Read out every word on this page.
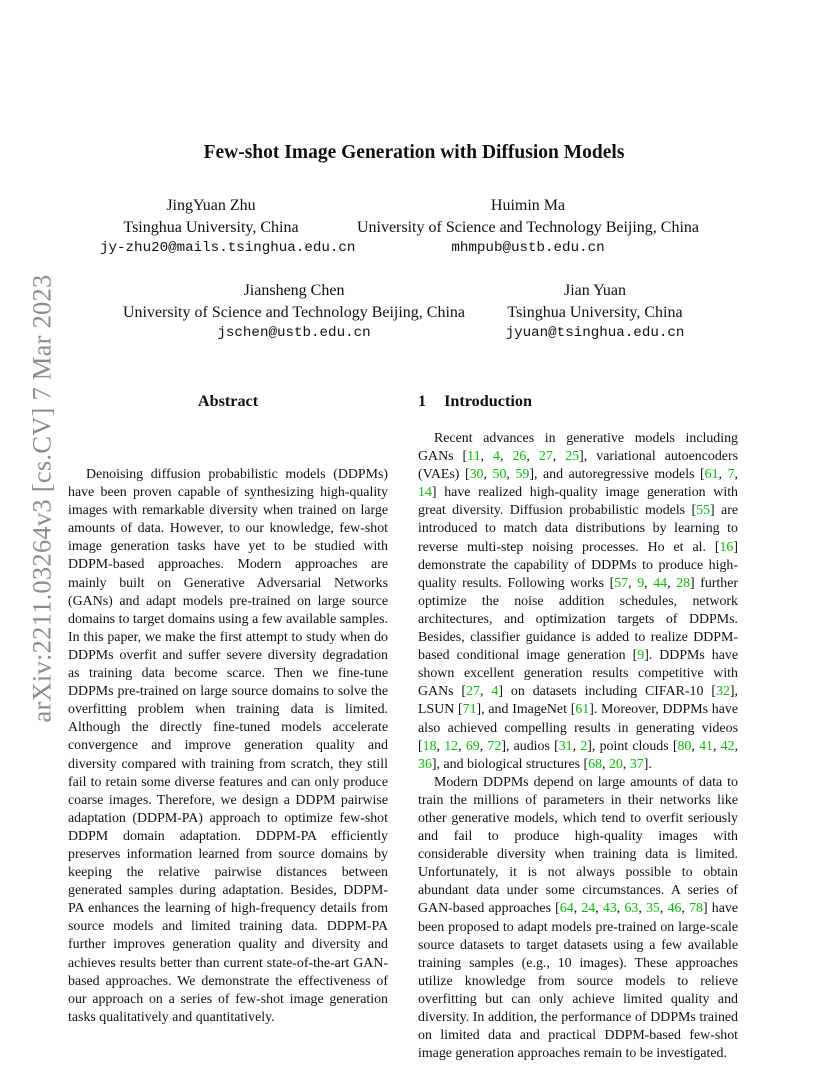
arXiv:2211.03264v3 [cs.CV] 7 Mar 2023
Few-shot Image Generation with Diffusion Models
JingYuan Zhu
Tsinghua University, China
jy-zhu20@mails.tsinghua.edu.cn
Huimin Ma
University of Science and Technology Beijing, China
mhmpub@ustb.edu.cn
Jiansheng Chen
University of Science and Technology Beijing, China
jschen@ustb.edu.cn
Jian Yuan
Tsinghua University, China
jyuan@tsinghua.edu.cn
Abstract

Denoising diffusion probabilistic models (DDPMs) have been proven capable of synthesizing high-quality images with remarkable diversity when trained on large amounts of data. However, to our knowledge, few-shot image generation tasks have yet to be studied with DDPM-based approaches. Modern approaches are mainly built on Generative Adversarial Networks (GANs) and adapt models pre-trained on large source domains to target domains using a few available samples. In this paper, we make the first attempt to study when do DDPMs overfit and suffer severe diversity degradation as training data become scarce. Then we fine-tune DDPMs pre-trained on large source domains to solve the overfitting problem when training data is limited. Although the directly fine-tuned models accelerate convergence and improve generation quality and diversity compared with training from scratch, they still fail to retain some diverse features and can only produce coarse images. Therefore, we design a DDPM pairwise adaptation (DDPM-PA) approach to optimize few-shot DDPM domain adaptation. DDPM-PA efficiently preserves information learned from source domains by keeping the relative pairwise distances between generated samples during adaptation. Besides, DDPM-PA enhances the learning of high-frequency details from source models and limited training data. DDPM-PA further improves generation quality and diversity and achieves results better than current state-of-the-art GAN-based approaches. We demonstrate the effectiveness of our approach on a series of few-shot image generation tasks qualitatively and quantitatively.

1 Introduction

Recent advances in generative models including GANs [11, 4, 26, 27, 25], variational autoencoders (VAEs) [30, 50, 59], and autoregressive models [61, 7, 14] have realized high-quality image generation with great diversity. Diffusion probabilistic models [55] are introduced to match data distributions by learning to reverse multi-step noising processes. Ho et al. [16] demonstrate the capability of DDPMs to produce high-quality results. Following works [57, 9, 44, 28] further optimize the noise addition schedules, network architectures, and optimization targets of DDPMs. Besides, classifier guidance is added to realize DDPM-based conditional image generation [9]. DDPMs have shown excellent generation results competitive with GANs [27, 4] on datasets including CIFAR-10 [32], LSUN [71], and ImageNet [61]. Moreover, DDPMs have also achieved compelling results in generating videos [18, 12, 69, 72], audios [31, 2], point clouds [80, 41, 42, 36], and biological structures [68, 20, 37].

Modern DDPMs depend on large amounts of data to train the millions of parameters in their networks like other generative models, which tend to overfit seriously and fail to produce high-quality images with considerable diversity when training data is limited. Unfortunately, it is not always possible to obtain abundant data under some circumstances. A series of GAN-based approaches [64, 24, 43, 63, 35, 46, 78] have been proposed to adapt models pre-trained on large-scale source datasets to target datasets using a few available training samples (e.g., 10 images). These approaches utilize knowledge from source models to relieve overfitting but can only achieve limited quality and diversity. In addition, the performance of DDPMs trained on limited data and practical DDPM-based few-shot image generation approaches remain to be investigated.
